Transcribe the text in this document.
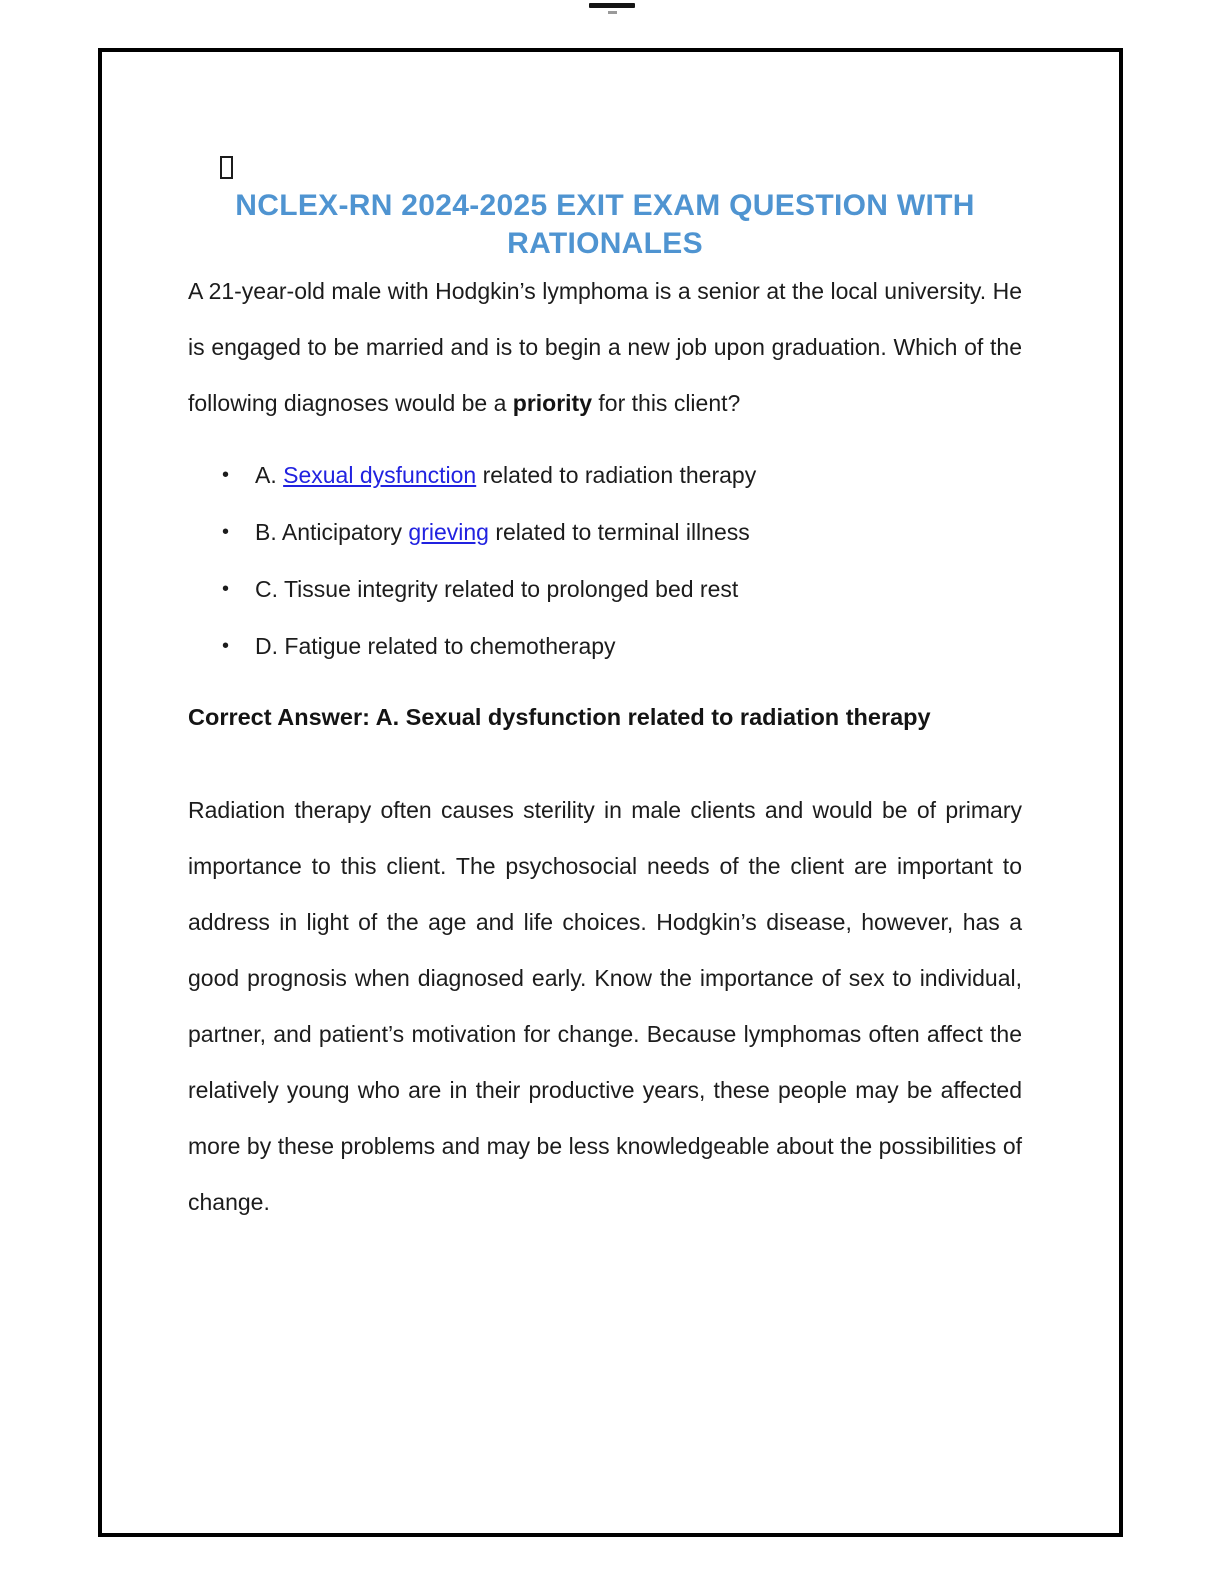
NCLEX-RN 2024-2025 EXIT EXAM QUESTION WITH
RATIONALES

A 21-year-old male with Hodgkin’s lymphoma is a senior at the local university. He is engaged to be married and is to begin a new job upon graduation. Which of the following diagnoses would be a priority for this client?

•
A. Sexual dysfunction related to radiation therapy
•
B. Anticipatory grieving related to terminal illness
•
C. Tissue integrity related to prolonged bed rest
•
D. Fatigue related to chemotherapy

Correct Answer: A. Sexual dysfunction related to radiation therapy

Radiation therapy often causes sterility in male clients and would be of primary importance to this client. The psychosocial needs of the client are important to address in light of the age and life choices. Hodgkin’s disease, however, has a good prognosis when diagnosed early. Know the importance of sex to individual, partner, and patient’s motivation for change. Because lymphomas often affect the relatively young who are in their productive years, these people may be affected more by these problems and may be less knowledgeable about the possibilities of change.
